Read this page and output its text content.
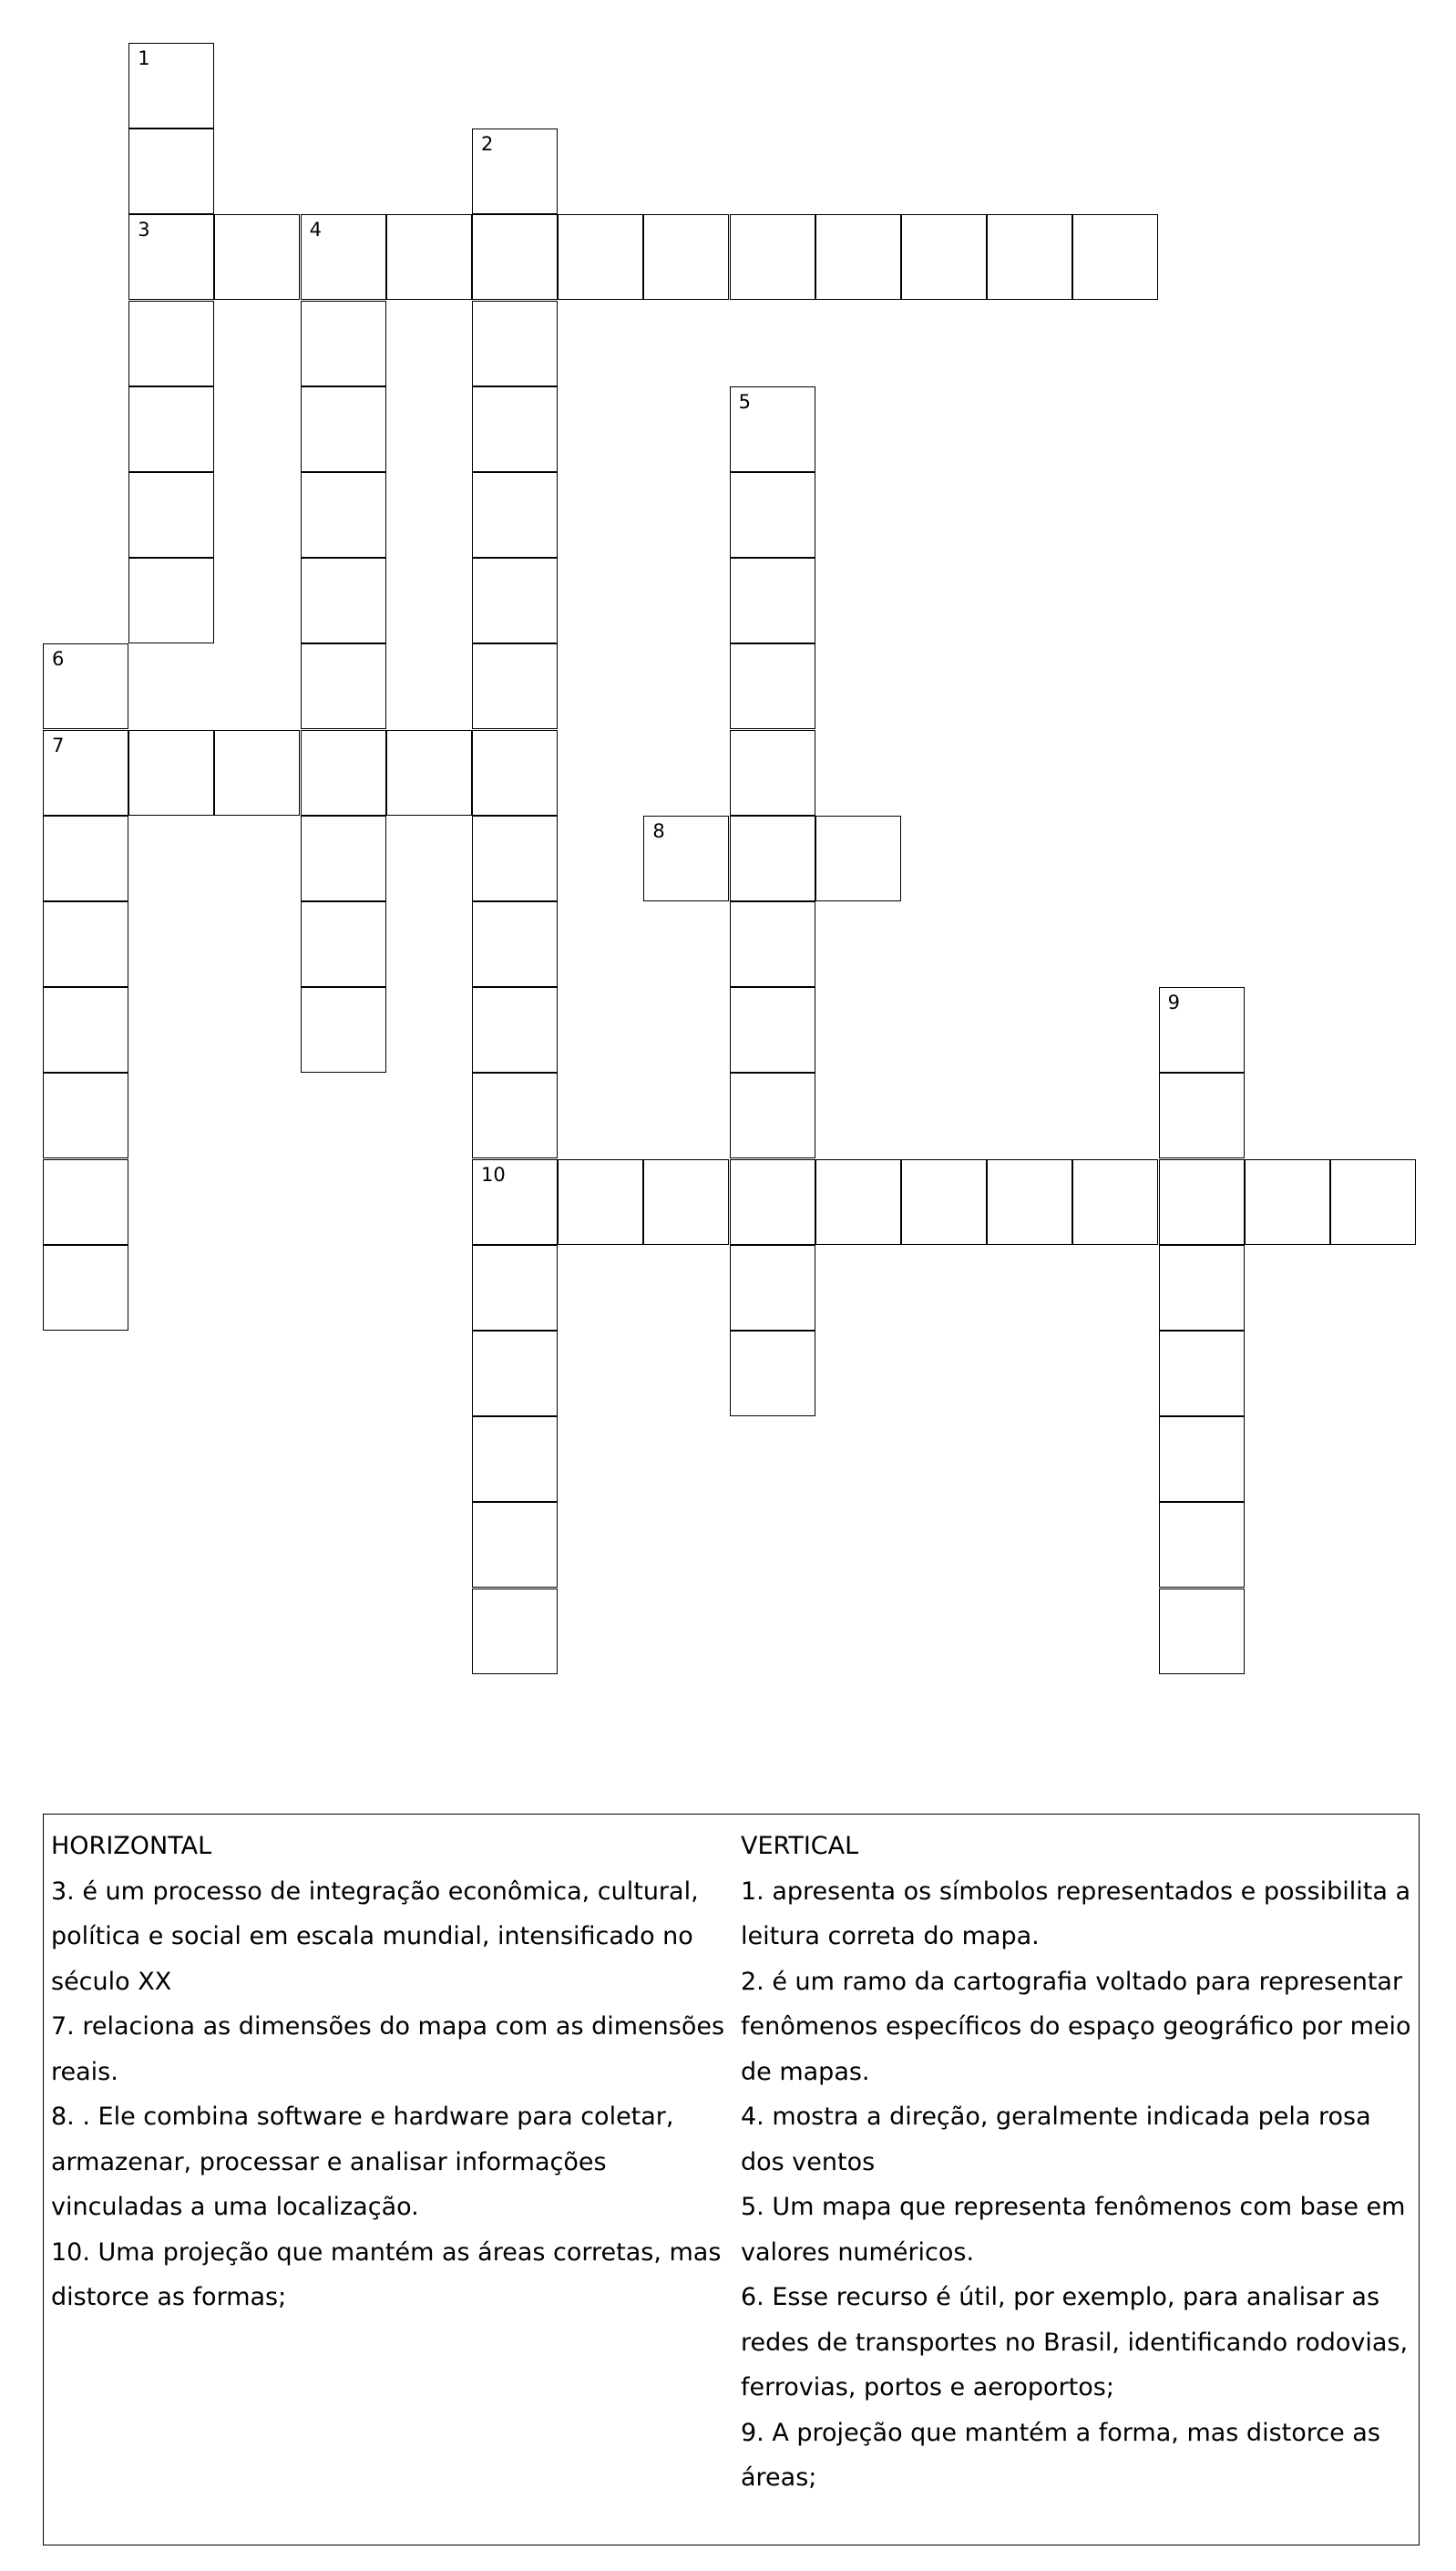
1
3
2
10
4
5
6
7
8
9
HORIZONTAL
3. é um processo de integração econômica, cultural,
política e social em escala mundial, intensificado no
século XX
7. relaciona as dimensões do mapa com as dimensões
reais.
8. . Ele combina software e hardware para coletar,
armazenar, processar e analisar informações
vinculadas a uma localização.
10. Uma projeção que mantém as áreas corretas, mas
distorce as formas;
VERTICAL
1. apresenta os símbolos representados e possibilita a
leitura correta do mapa.
2. é um ramo da cartografia voltado para representar
fenômenos específicos do espaço geográfico por meio
de mapas.
4. mostra a direção, geralmente indicada pela rosa
dos ventos
5. Um mapa que representa fenômenos com base em
valores numéricos.
6. Esse recurso é útil, por exemplo, para analisar as
redes de transportes no Brasil, identificando rodovias,
ferrovias, portos e aeroportos;
9. A projeção que mantém a forma, mas distorce as
áreas;
